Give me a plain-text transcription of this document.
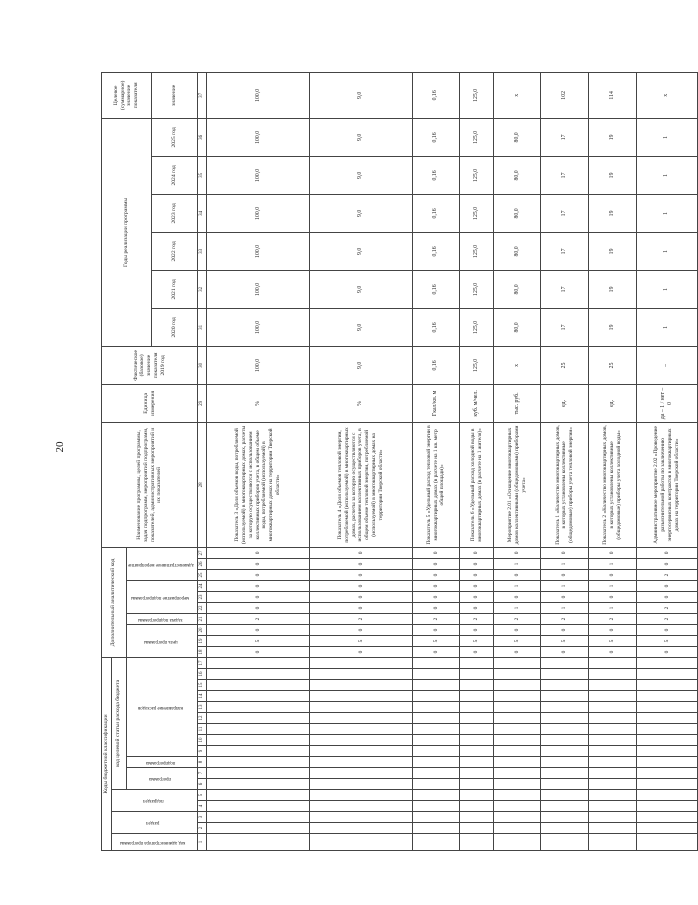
20
Коды бюджетной классификации																	Дополнительный аналитический код										Наименование программы, целей программы, задач подпрограмм, мероприятий подпрограмм, показателей, административных мероприятий и их показателей	Единица измерения	Фактическое (базовое) значение показателя 2019 год	Годы реализации программы						Целевое (суммарное) значение показателя
код администратора программы	раздел		подраздел		код целевой статьи расхода бюджета																															
					программа		подпрограмма	направление расходов									цель программы			задача подпрограммы	мероприятие подпрограммы			административное мероприятие												
																														2020 год	2021 год	2022 год	2023 год	2024 год	2025 год	значение
1	2	3	4	5	6	7	8	9	10	11	12	13	14	15	16	17	18	19	20	21	22	23	24	25	26	27	28	29	30	31	32	33	34	35	36	37
																	0	5	0	2	0	0	0	0	0	0	Показатель 3 «Доля объемов воды, потребляемой (используемой) в многоквартирных домах, расчеты за которую осуществляются с использованием коллективных приборов учета, в общем объеме воды, потребляемой (используемой) в многоквартирных домах на территории Тверской области»	%	100,0	100,0	100,0	100,0	100,0	100,0	100,0	100,0
																	0	5	0	2	0	0	0	0	0	0	Показатель 4 «Доля объемов тепловой энергии, потребляемой (используемой) в многоквартирных домах, расчеты за которую осуществляются с использованием коллективных приборов учета, в общем объеме тепловой энергии, потребляемой (используемой) в многоквартирных домах на территории Тверской области»	%	9,0	9,0	9,0	9,0	9,0	9,0	9,0	9,0
																	0	5	0	2	0	0	0	0	0	0	Показатель 5 «Удельный расход тепловой энергии в многоквартирных домах (в расчете на 1 кв. метр общей площади)»	Гкал/кв. м	0,16	0,16	0,16	0,16	0,16	0,16	0,16	0,16
																	0	5	0	2	0	0	0	0	0	0	Показатель 6 «Удельный расход холодной воды в многоквартирных домах (в расчете на 1 жителя)»	куб. м/чел.	125,0	125,0	125,0	125,0	125,0	125,0	125,0	125,0
																	0	5	0	2	1	0	1	0	1	0	Мероприятие 2.01 «Оснащение многоквартирных домов коллективными (общедомовыми) приборами учета»	тыс. руб.	х	80,0	80,0	80,0	80,0	80,0	80,0	х
																	0	5	0	2	1	0	1	0	1	0	Показатель 1 «Количество многоквартирных домов, в которых установлены коллективные (общедомовые) приборы учета тепловой энергии»	ед.	25	17	17	17	17	17	17	102
																	0	5	0	2	1	0	1	0	1	0	Показатель 2 «Количество многоквартирных домов, в которых установлены коллективные (общедомовые) приборы учета холодной воды»	ед.	25	19	19	19	19	19	19	114
																	0	5	0	2	2	0	0	2	0	0	Административное мероприятие 2.02 «Проведение разъяснительной работы по заключению энергосервисных контрактов в многоквартирных домах на территории Тверской области»	да – 1 / нет – 0	–	1	1	1	1	1	1	х
